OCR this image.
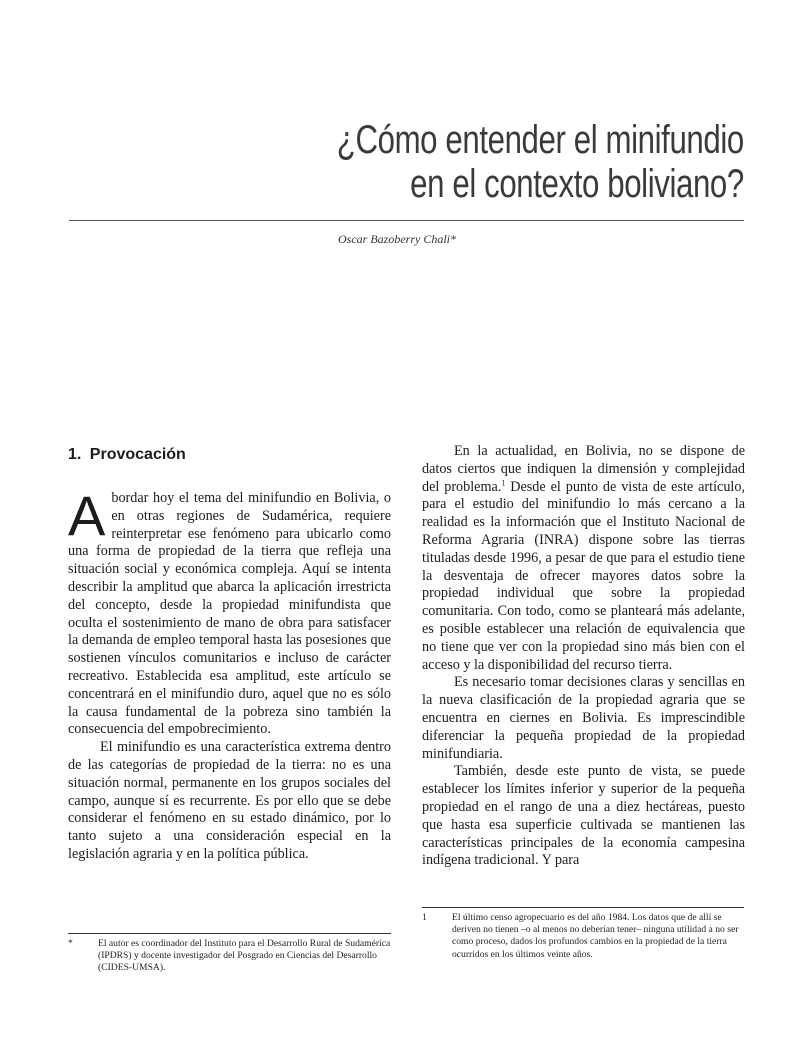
¿Cómo entender el minifundio
en el contexto boliviano?
Oscar Bazoberry Chali*
1. Provocación

Abordar hoy el tema del minifundio en Bolivia, o en otras regiones de Sudamérica, requiere reinterpretar ese fenómeno para ubicarlo como una forma de propiedad de la tierra que refleja una situación social y económica compleja. Aquí se intenta describir la amplitud que abarca la aplicación irrestricta del concepto, desde la propiedad minifundista que oculta el sostenimiento de mano de obra para satisfacer la demanda de empleo temporal hasta las posesiones que sostienen vínculos comunitarios e incluso de carácter recreativo. Establecida esa amplitud, este artículo se concentrará en el minifundio duro, aquel que no es sólo la causa fundamental de la pobreza sino también la consecuencia del empobrecimiento.

El minifundio es una característica extrema dentro de las categorías de propiedad de la tierra: no es una situación normal, permanente en los grupos sociales del campo, aunque sí es recurrente. Es por ello que se debe considerar el fenómeno en su estado dinámico, por lo tanto sujeto a una consideración especial en la legislación agraria y en la política pública.

En la actualidad, en Bolivia, no se dispone de datos ciertos que indiquen la dimensión y complejidad del problema.$^1$ Desde el punto de vista de este artículo, para el estudio del minifundio lo más cercano a la realidad es la información que el Instituto Nacional de Reforma Agraria (INRA) dispone sobre las tierras tituladas desde 1996, a pesar de que para el estudio tiene la desventaja de ofrecer mayores datos sobre la propiedad individual que sobre la propiedad comunitaria. Con todo, como se planteará más adelante, es posible establecer una relación de equivalencia que no tiene que ver con la propiedad sino más bien con el acceso y la disponibilidad del recurso tierra.

Es necesario tomar decisiones claras y sencillas en la nueva clasificación de la propiedad agraria que se encuentra en ciernes en Bolivia. Es imprescindible diferenciar la pequeña propiedad de la propiedad minifundiaria.

También, desde este punto de vista, se puede establecer los límites inferior y superior de la pequeña propiedad en el rango de una a diez hectáreas, puesto que hasta esa superficie cultivada se mantienen las características principales de la economía campesina indígena tradicional. Y para

1	El último censo agropecuario es del año 1984. Los datos que de allí se deriven no tienen –o al menos no deberían tener– ninguna utilidad a no ser como proceso, dados los profundos cambios en la propiedad de la tierra ocurridos en los últimos veinte años.
*	El autor es coordinador del Instituto para el Desarrollo Rural de Sudamérica (IPDRS) y docente investigador del Posgrado en Ciencias del Desarrollo (CIDES-UMSA).
